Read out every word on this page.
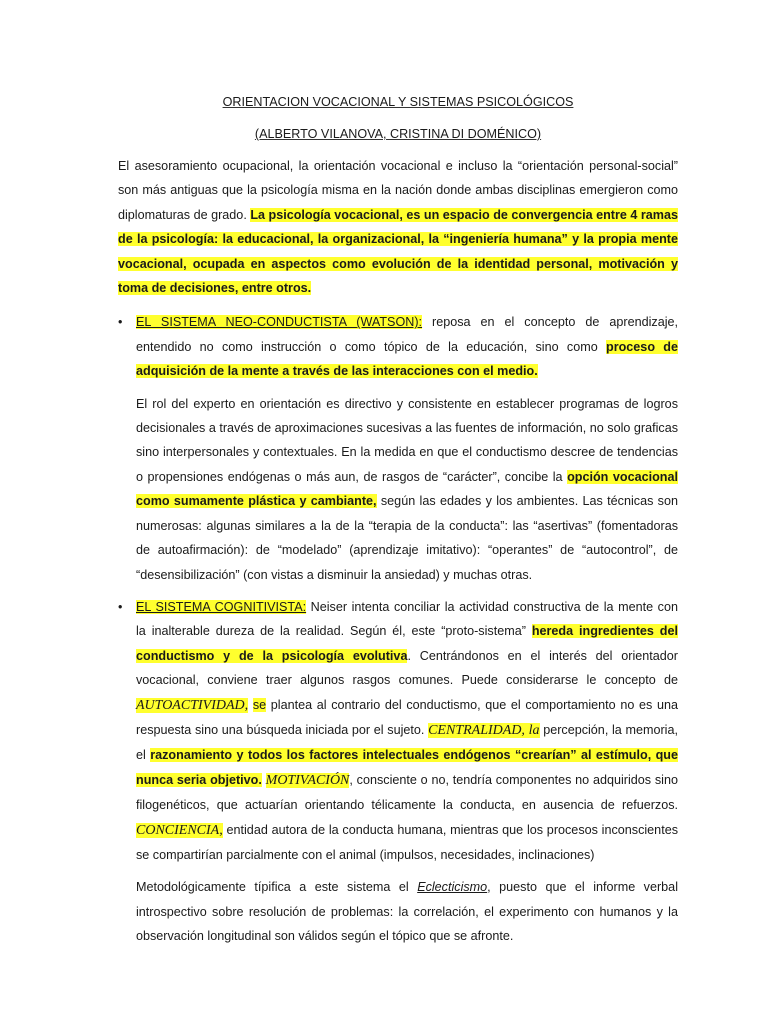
ORIENTACION VOCACIONAL Y SISTEMAS PSICOLÓGICOS
(ALBERTO VILANOVA, CRISTINA DI DOMÉNICO)

El asesoramiento ocupacional, la orientación vocacional e incluso la “orientación personal-social” son más antiguas que la psicología misma en la nación donde ambas disciplinas emergieron como diplomaturas de grado. La psicología vocacional, es un espacio de convergencia entre 4 ramas de la psicología: la educacional, la organizacional, la “ingeniería humana” y la propia mente vocacional, ocupada en aspectos como evolución de la identidad personal, motivación y toma de decisiones, entre otros.

• EL SISTEMA NEO-CONDUCTISTA (WATSON): reposa en el concepto de aprendizaje, entendido no como instrucción o como tópico de la educación, sino como proceso de adquisición de la mente a través de las interacciones con el medio.

El rol del experto en orientación es directivo y consistente en establecer programas de logros decisionales a través de aproximaciones sucesivas a las fuentes de información, no solo graficas sino interpersonales y contextuales. En la medida en que el conductismo descree de tendencias o propensiones endógenas o más aun, de rasgos de “carácter”, concibe la opción vocacional como sumamente plástica y cambiante, según las edades y los ambientes. Las técnicas son numerosas: algunas similares a la de la “terapia de la conducta”: las “asertivas” (fomentadoras de autoafirmación): de “modelado” (aprendizaje imitativo): “operantes” de “autocontrol”, de “desensibilización” (con vistas a disminuir la ansiedad) y muchas otras.

• EL SISTEMA COGNITIVISTA: Neiser intenta conciliar la actividad constructiva de la mente con la inalterable dureza de la realidad. Según él, este “proto-sistema” hereda ingredientes del conductismo y de la psicología evolutiva. Centrándonos en el interés del orientador vocacional, conviene traer algunos rasgos comunes. Puede considerarse le concepto de AUTOACTIVIDAD, se plantea al contrario del conductismo, que el comportamiento no es una respuesta sino una búsqueda iniciada por el sujeto. CENTRALIDAD, la percepción, la memoria, el razonamiento y todos los factores intelectuales endógenos “crearían” al estímulo, que nunca seria objetivo. MOTIVACIÓN, consciente o no, tendría componentes no adquiridos sino filogenéticos, que actuarían orientando télicamente la conducta, en ausencia de refuerzos. CONCIENCIA, entidad autora de la conducta humana, mientras que los procesos inconscientes se compartirían parcialmente con el animal (impulsos, necesidades, inclinaciones)

Metodológicamente típifica a este sistema el Eclecticismo, puesto que el informe verbal introspectivo sobre resolución de problemas: la correlación, el experimento con humanos y la observación longitudinal son válidos según el tópico que se afronte.
